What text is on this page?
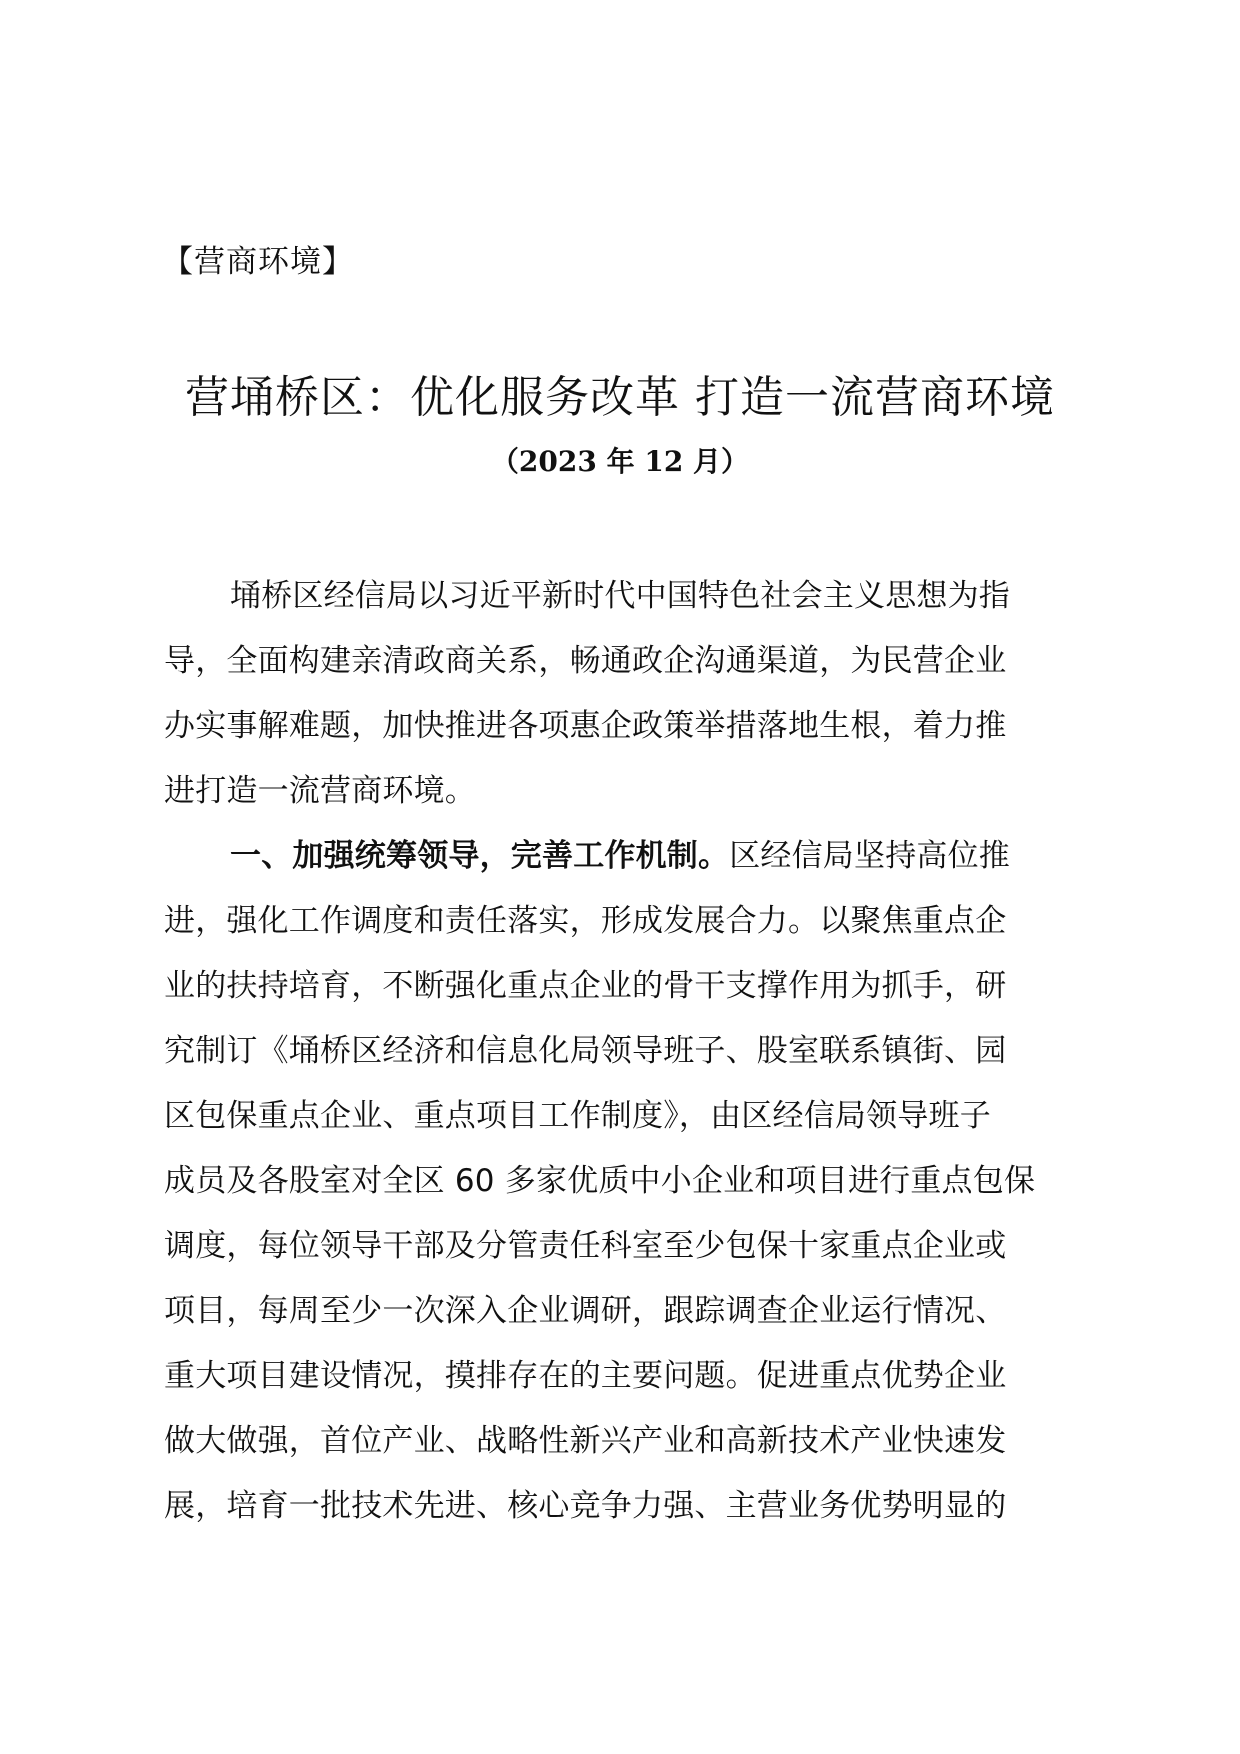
【营商环境】
营埇桥区：优化服务改革 打造一流营商环境
（2023 年 12 月）
埇桥区经信局以习近平新时代中国特色社会主义思想为指
导，全面构建亲清政商关系，畅通政企沟通渠道，为民营企业
办实事解难题，加快推进各项惠企政策举措落地生根，着力推
进打造一流营商环境。
一、加强统筹领导，完善工作机制。区经信局坚持高位推
进，强化工作调度和责任落实，形成发展合力。以聚焦重点企
业的扶持培育，不断强化重点企业的骨干支撑作用为抓手，研
究制订《埇桥区经济和信息化局领导班子、股室联系镇街、园
区包保重点企业、重点项目工作制度》，由区经信局领导班子
成员及各股室对全区 60 多家优质中小企业和项目进行重点包保
调度，每位领导干部及分管责任科室至少包保十家重点企业或
项目，每周至少一次深入企业调研，跟踪调查企业运行情况、
重大项目建设情况，摸排存在的主要问题。促进重点优势企业
做大做强，首位产业、战略性新兴产业和高新技术产业快速发
展，培育一批技术先进、核心竞争力强、主营业务优势明显的
